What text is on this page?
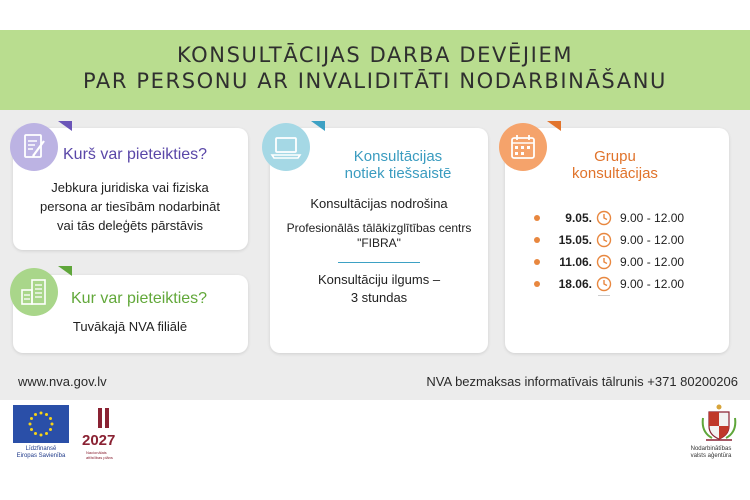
KONSULTĀCIJAS DARBA DEVĒJIEM
PAR PERSONU AR INVALIDITĀTI NODARBINĀŠANU
Kurš var pieteikties?
Jebkura juridiska vai fiziska
persona ar tiesībām nodarbināt
vai tās deleģēts pārstāvis
Kur var pieteikties?
Tuvākajā NVA filiālē
Konsultācijas
notiek tiešsaistē
Konsultācijas nodrošina
Profesionālās tālākizglītības centrs
"FIBRA"
Konsultāciju ilgums –
3 stundas
Grupu
konsultācijas
9.05. 9.00 - 12.00
15.05. 9.00 - 12.00
11.06. 9.00 - 12.00
18.06. 9.00 - 12.00
www.nva.gov.lv	NVA bezmaksas informatīvais tālrunis +371 80200206
Līdzfinansē
Eiropas Savienība
2027
Nacionālais
attīstības plāns
Nodarbinātības
valsts aģentūra
